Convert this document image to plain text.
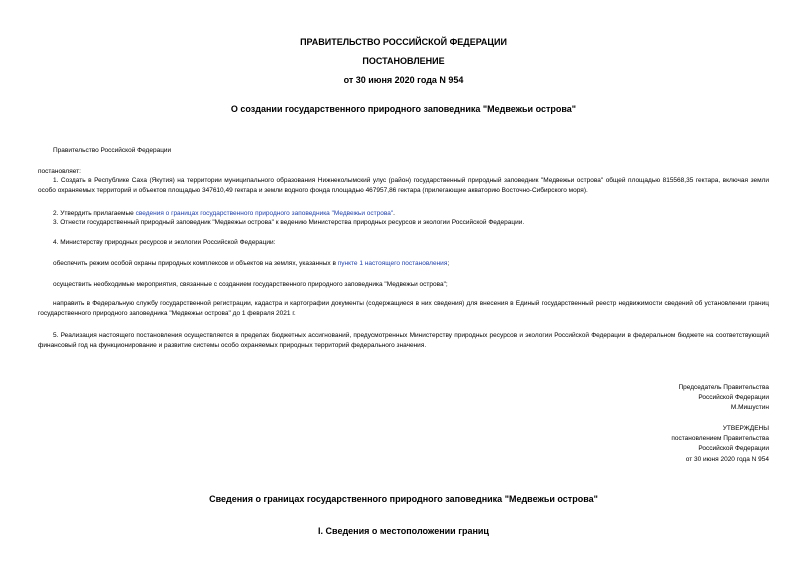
ПРАВИТЕЛЬСТВО РОССИЙСКОЙ ФЕДЕРАЦИИ
ПОСТАНОВЛЕНИЕ
от 30 июня 2020 года N 954
О создании государственного природного заповедника "Медвежьи острова"
Правительство Российской Федерации
постановляет:
1. Создать в Республике Саха (Якутия) на территории муниципального образования Нижнеколымский улус (район) государственный природный заповедник "Медвежьи острова" общей площадью 815568,35 гектара, включая земли особо охраняемых территорий и объектов площадью 347610,49 гектара и земли водного фонда площадью 467957,86 гектара (прилегающие акваторию Восточно-Сибирского моря).
2. Утвердить прилагаемые сведения о границах государственного природного заповедника "Медвежьи острова".
3. Отнести государственный природный заповедник "Медвежьи острова" к ведению Министерства природных ресурсов и экологии Российской Федерации.
4. Министерству природных ресурсов и экологии Российской Федерации:
обеспечить режим особой охраны природных комплексов и объектов на землях, указанных в пункте 1 настоящего постановления;
осуществить необходимые мероприятия, связанные с созданием государственного природного заповедника "Медвежьи острова";
направить в Федеральную службу государственной регистрации, кадастра и картографии документы (содержащиеся в них сведения) для внесения в Единый государственный реестр недвижимости сведений об установлении границ государственного природного заповедника "Медвежьи острова" до 1 февраля 2021 г.
5. Реализация настоящего постановления осуществляется в пределах бюджетных ассигнований, предусмотренных Министерству природных ресурсов и экологии Российской Федерации в федеральном бюджете на соответствующий финансовый год на функционирование и развитие системы особо охраняемых природных территорий федерального значения.
Председатель Правительства
Российской Федерации
М.Мишустин
УТВЕРЖДЕНЫ
постановлением Правительства
Российской Федерации
от 30 июня 2020 года N 954
Сведения о границах государственного природного заповедника "Медвежьи острова"
I. Сведения о местоположении границ
